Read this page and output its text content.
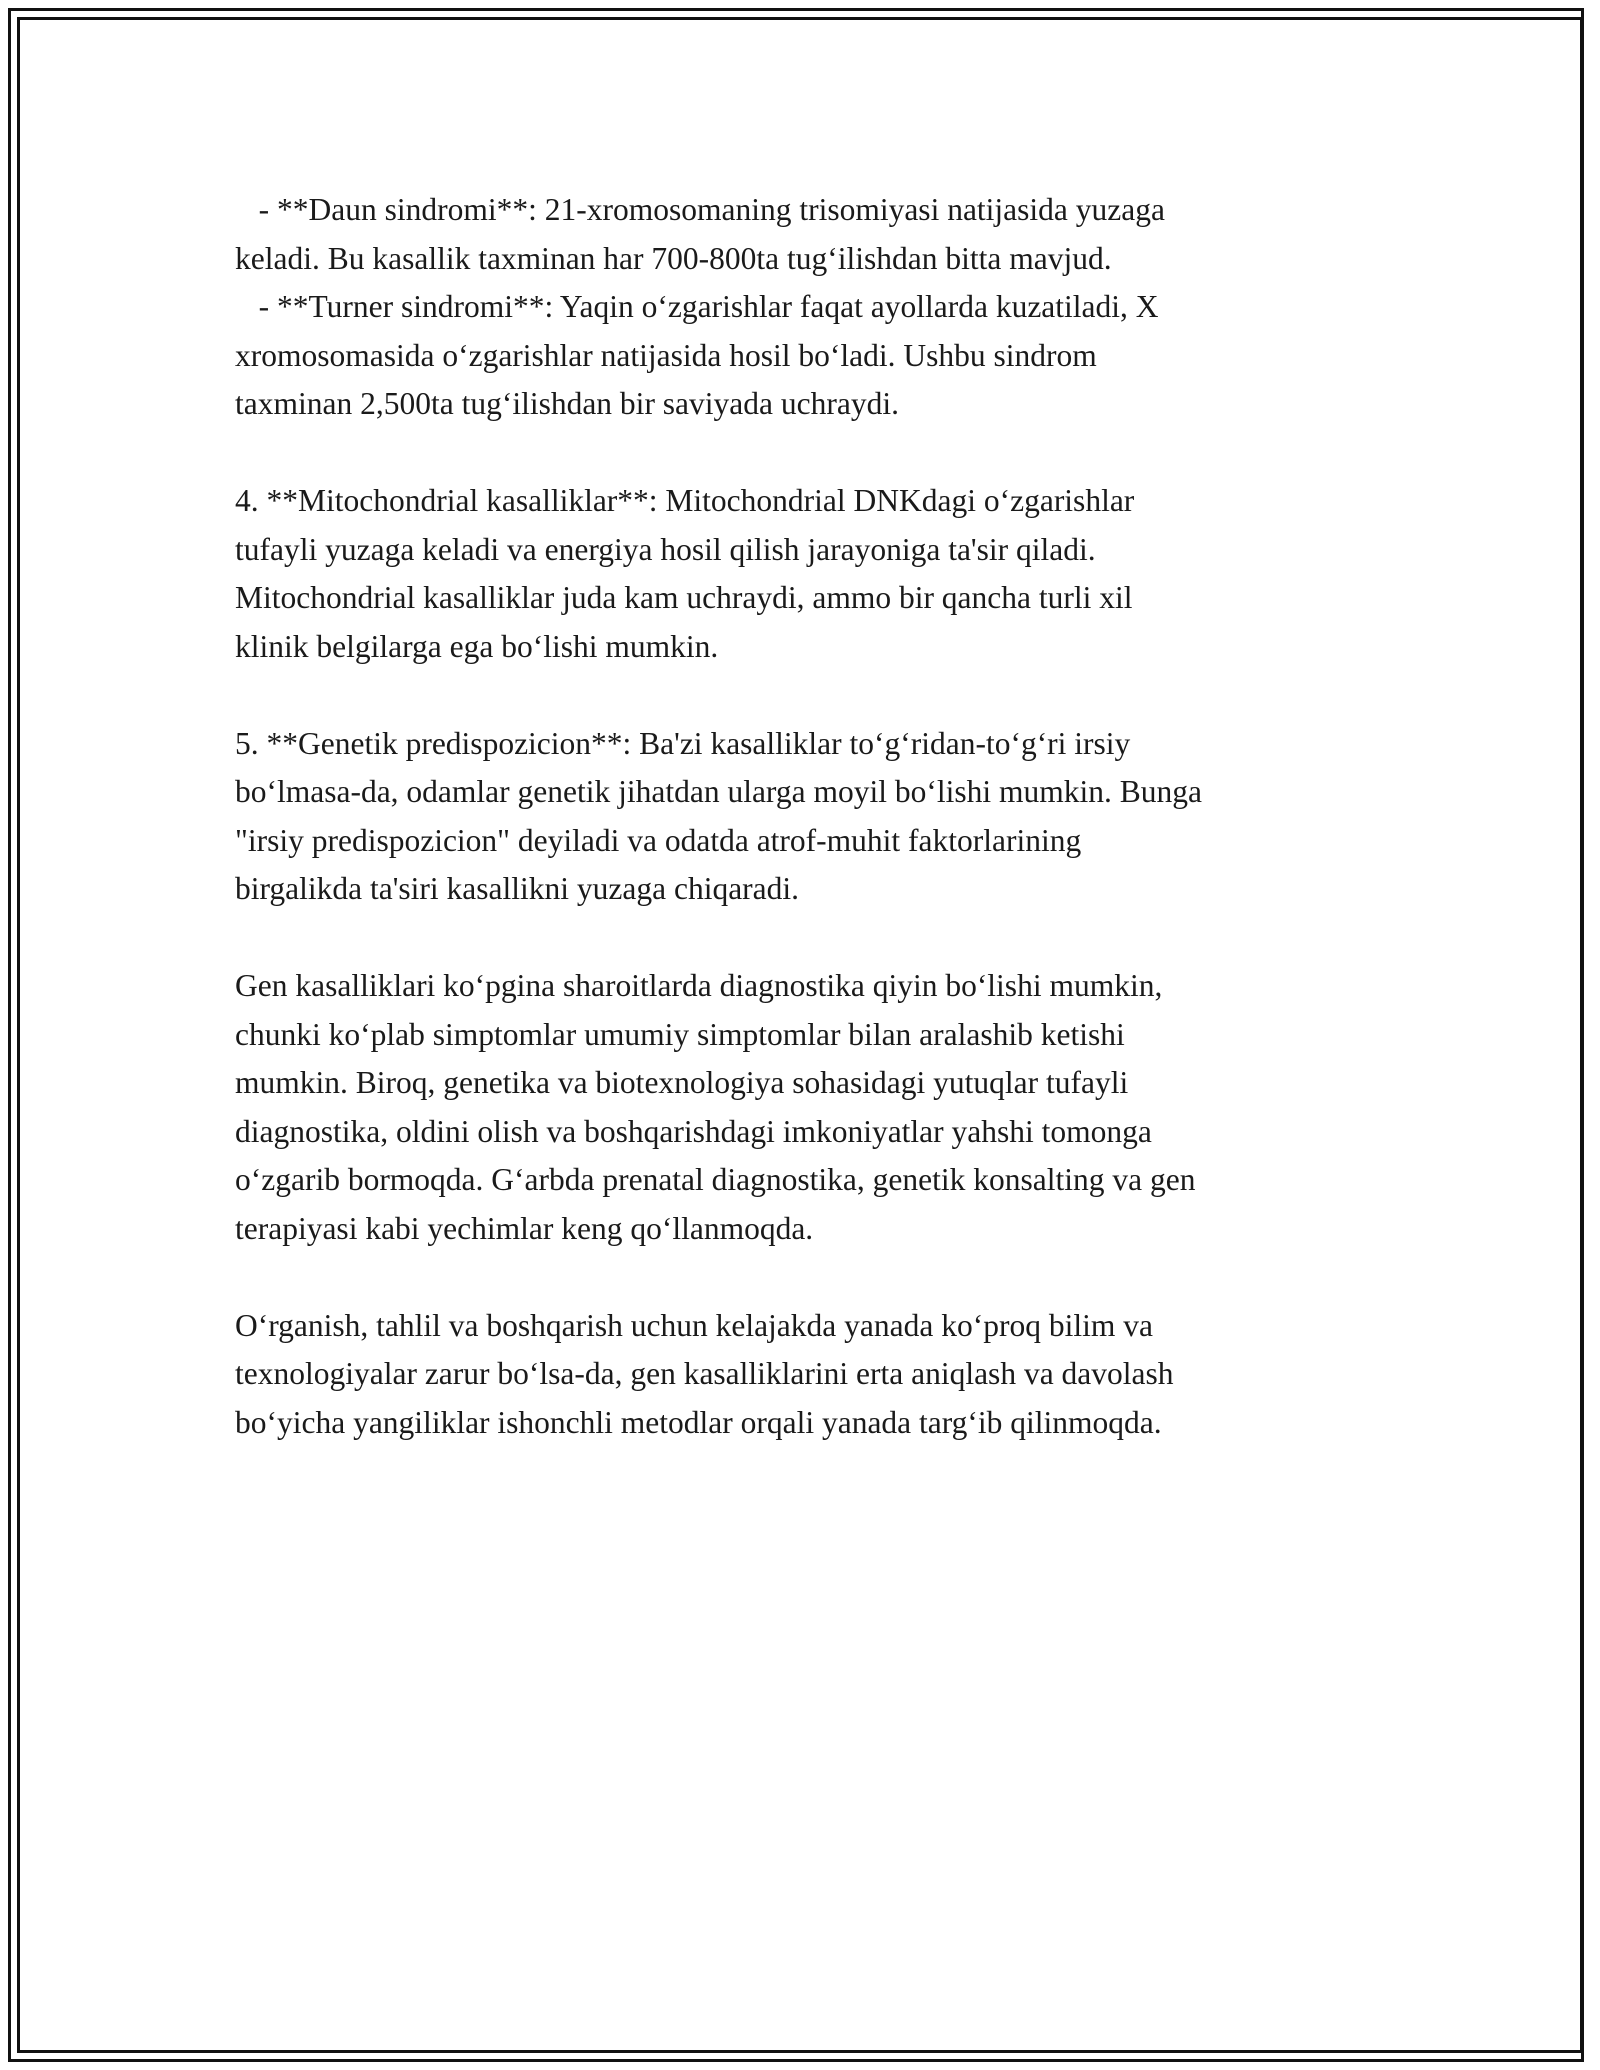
- **Daun sindromi**: 21-xromosomaning trisomiyasi natijasida yuzaga
keladi. Bu kasallik taxminan har 700-800ta tug‘ilishdan bitta mavjud.
- **Turner sindromi**: Yaqin o‘zgarishlar faqat ayollarda kuzatiladi, X
xromosomasida o‘zgarishlar natijasida hosil bo‘ladi. Ushbu sindrom
taxminan 2,500ta tug‘ilishdan bir saviyada uchraydi.
4. **Mitochondrial kasalliklar**: Mitochondrial DNKdagi o‘zgarishlar
tufayli yuzaga keladi va energiya hosil qilish jarayoniga ta'sir qiladi.
Mitochondrial kasalliklar juda kam uchraydi, ammo bir qancha turli xil
klinik belgilarga ega bo‘lishi mumkin.
5. **Genetik predispozicion**: Ba'zi kasalliklar to‘g‘ridan-to‘g‘ri irsiy
bo‘lmasa-da, odamlar genetik jihatdan ularga moyil bo‘lishi mumkin. Bunga
"irsiy predispozicion" deyiladi va odatda atrof-muhit faktorlarining
birgalikda ta'siri kasallikni yuzaga chiqaradi.
Gen kasalliklari ko‘pgina sharoitlarda diagnostika qiyin bo‘lishi mumkin,
chunki ko‘plab simptomlar umumiy simptomlar bilan aralashib ketishi
mumkin. Biroq, genetika va biotexnologiya sohasidagi yutuqlar tufayli
diagnostika, oldini olish va boshqarishdagi imkoniyatlar yahshi tomonga
o‘zgarib bormoqda. G‘arbda prenatal diagnostika, genetik konsalting va gen
terapiyasi kabi yechimlar keng qo‘llanmoqda.
O‘rganish, tahlil va boshqarish uchun kelajakda yanada ko‘proq bilim va
texnologiyalar zarur bo‘lsa-da, gen kasalliklarini erta aniqlash va davolash
bo‘yicha yangiliklar ishonchli metodlar orqali yanada targ‘ib qilinmoqda.
